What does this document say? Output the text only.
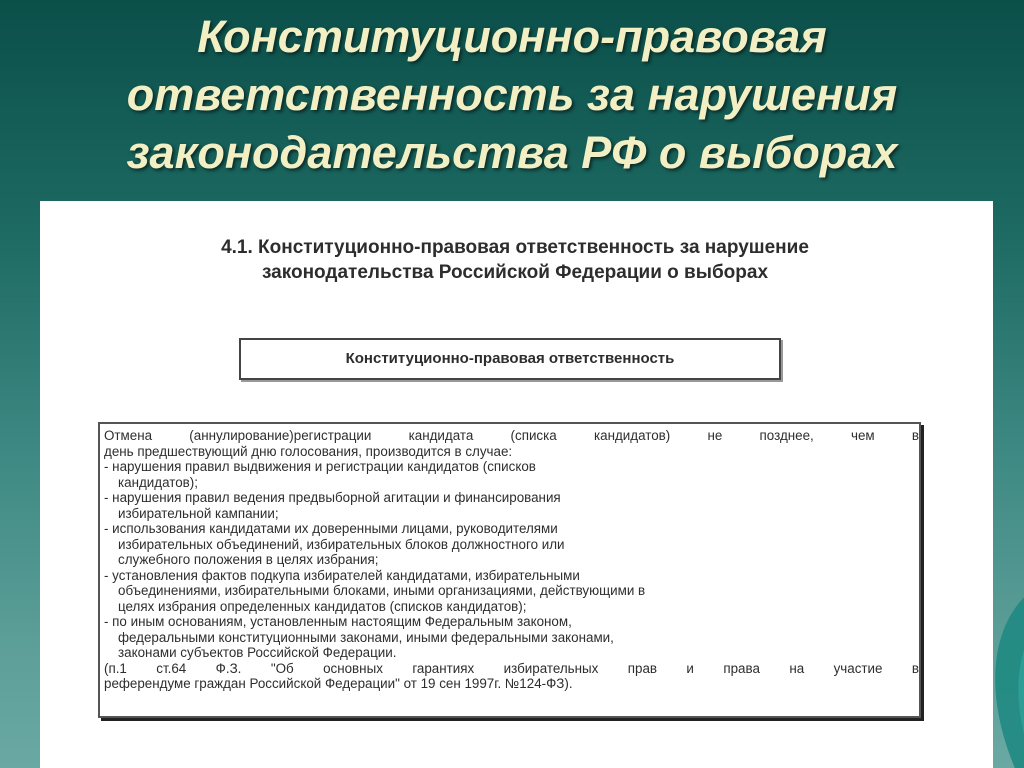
Конституционно-правовая
ответственность за нарушения
законодательства РФ о выборах
4.1. Конституционно-правовая ответственность за нарушение
законодательства Российской Федерации о выборах
Конституционно-правовая ответственность
Отмена (аннулирование)регистрации кандидата (списка кандидатов) не позднее, чем в
день предшествующий дню голосования, производится в случае:
- нарушения правил выдвижения и регистрации кандидатов (списков
кандидатов);
- нарушения правил ведения предвыборной агитации и финансирования
избирательной кампании;
- использования кандидатами их доверенными лицами, руководителями
избирательных объединений, избирательных блоков должностного или
служебного положения в целях избрания;
- установления фактов подкупа избирателей кандидатами, избирательными
объединениями, избирательными блоками, иными организациями, действующими в
целях избрания определенных кандидатов (списков кандидатов);
- по иным основаниям, установленным настоящим Федеральным законом,
федеральными конституционными законами, иными федеральными законами,
законами субъектов Российской Федерации.
(п.1 ст.64 Ф.З. "Об основных гарантиях избирательных прав и права на участие в
референдуме граждан Российской Федерации" от 19 сен 1997г. №124-ФЗ).
